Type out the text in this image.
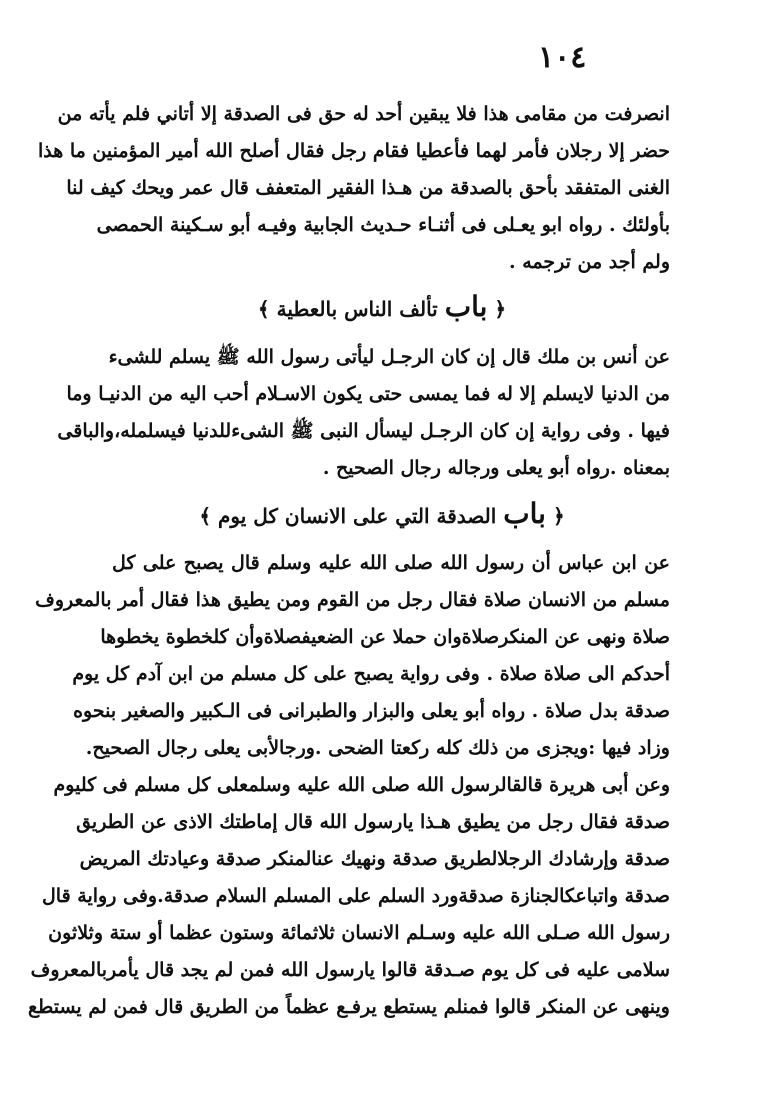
١٠٤
انصرفت من مقامى هذا فلا يبقين أحد له حق فى الصدقة إلا أتاني فلم يأته من
حضر إلا رجلان فأمر لهما فأعطيا فقام رجل فقال أصلح الله أمير المؤمنين ما هذا
الغنى المتفقد بأحق بالصدقة من هـذا الفقير المتعفف قال عمر ويحك كيف لنا
بأولئك . رواه ابو يعـلى فى أثنـاء حـديث الجابية وفيـه أبو سـكينة الحمصى
ولم أجد من ترجمه .
﴿ باب تألف الناس بالعطية ﴾
عن أنس بن ملك قال إن كان الرجـل ليأتى رسول الله ﷺ يسلم للشىء
من الدنيا لايسلم إلا له فما يمسى حتى يكون الاسـلام أحب اليه من الدنيـا وما
فيها . وفى رواية إن كان الرجـل ليسأل النبى ﷺ الشىءللدنيا فيسلمله،والباقى
بمعناه .رواه أبو يعلى ورجاله رجال الصحيح .
﴿ باب الصدقة التي على الانسان كل يوم ﴾
عن ابن عباس أن رسول الله صلى الله عليه وسلم قال يصبح على كل
مسلم من الانسان صلاة فقال رجل من القوم ومن يطيق هذا فقال أمر بالمعروف
صلاة ونهى عن المنكرصلاةوان حملا عن الضعيفصلاةوأن كلخطوة يخطوها
أحدكم الى صلاة صلاة . وفى رواية يصبح على كل مسلم من ابن آدم كل يوم
صدقة بدل صلاة . رواه أبو يعلى والبزار والطبرانى فى الـكبير والصغير بنحوه
وزاد فيها :ويجزى من ذلك كله ركعتا الضحى .ورجالأبى يعلى رجال الصحيح.
وعن أبى هريرة قالقالرسول الله صلى الله عليه وسلمعلى كل مسلم فى كليوم
صدقة فقال رجل من يطيق هـذا يارسول الله قال إماطتك الاذى عن الطريق
صدقة وإرشادك الرجلالطريق صدقة ونهيك عنالمنكر صدقة وعيادتك المريض
صدقة واتباعكالجنازة صدقةورد السلم على المسلم السلام صدقة.وفى رواية قال
رسول الله صـلى الله عليه وسـلم الانسان ثلاثمائة وستون عظما أو ستة وثلاثون
سلامى عليه فى كل يوم صـدقة قالوا يارسول الله فمن لم يجد قال يأمربالمعروف
وينهى عن المنكر قالوا فمنلم يستطع يرفـع عظماً من الطريق قال فمن لم يستطع
